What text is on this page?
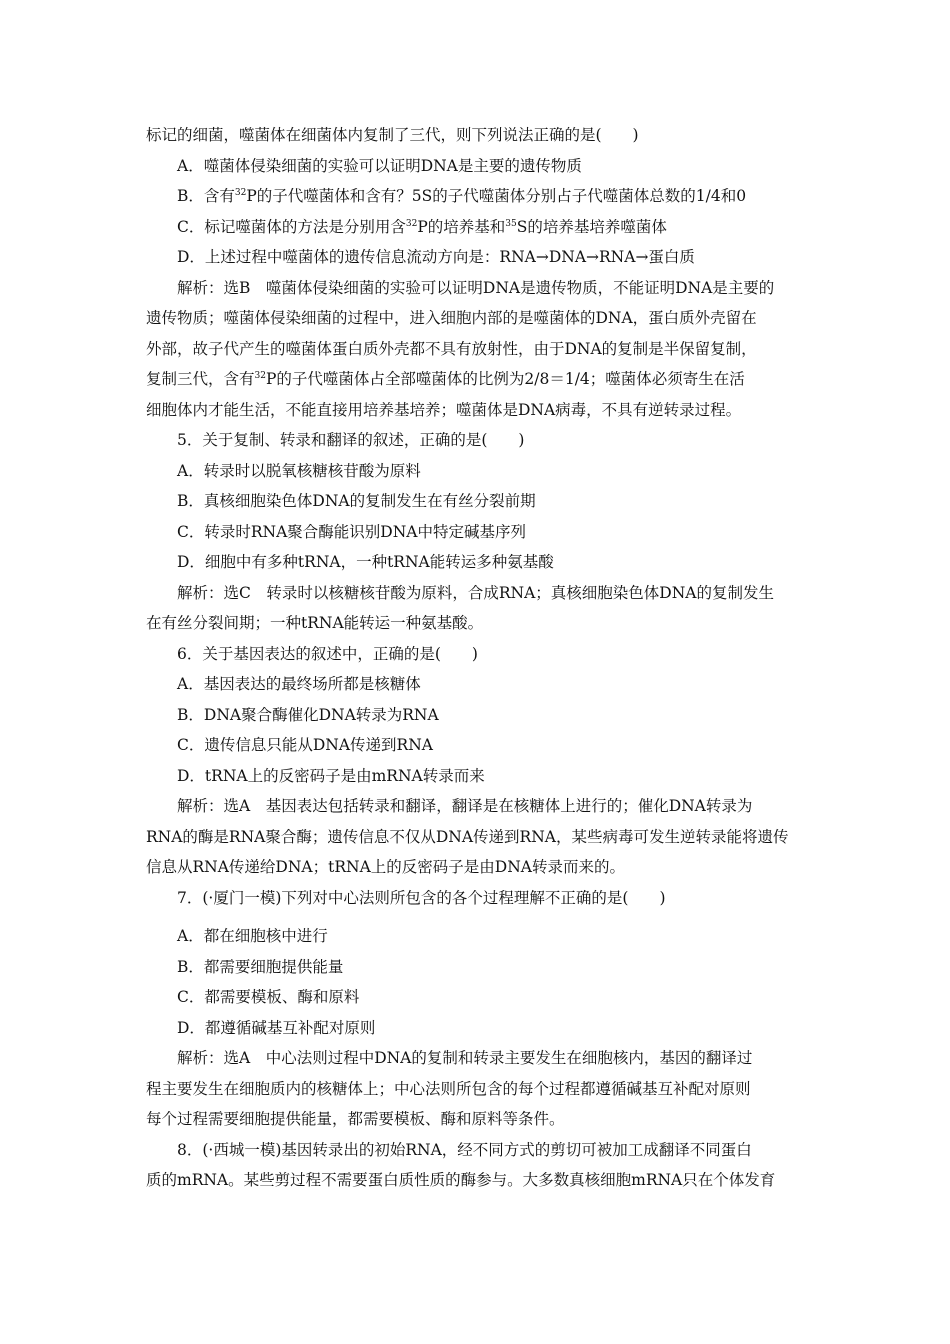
标记的细菌，噬菌体在细菌体内复制了三代，则下列说法正确的是(　　)
A．噬菌体侵染细菌的实验可以证明DNA是主要的遗传物质
B．含有$^{32}$P的子代噬菌体和含有？5S的子代噬菌体分别占子代噬菌体总数的1/4和0
C．标记噬菌体的方法是分别用含$^{32}$P的培养基和$^{35}$S的培养基培养噬菌体
D．上述过程中噬菌体的遗传信息流动方向是：RNA→DNA→RNA→蛋白质
解析：选B　噬菌体侵染细菌的实验可以证明DNA是遗传物质，不能证明DNA是主要的
遗传物质；噬菌体侵染细菌的过程中，进入细胞内部的是噬菌体的DNA，蛋白质外壳留在
外部，故子代产生的噬菌体蛋白质外壳都不具有放射性，由于DNA的复制是半保留复制，
复制三代，含有$^{32}$P的子代噬菌体占全部噬菌体的比例为2/8＝1/4；噬菌体必须寄生在活
细胞体内才能生活，不能直接用培养基培养；噬菌体是DNA病毒，不具有逆转录过程。
5．关于复制、转录和翻译的叙述，正确的是(　　)
A．转录时以脱氧核糖核苷酸为原料
B．真核细胞染色体DNA的复制发生在有丝分裂前期
C．转录时RNA聚合酶能识别DNA中特定碱基序列
D．细胞中有多种tRNA，一种tRNA能转运多种氨基酸
解析：选C　转录时以核糖核苷酸为原料，合成RNA；真核细胞染色体DNA的复制发生
在有丝分裂间期；一种tRNA能转运一种氨基酸。
6．关于基因表达的叙述中，正确的是(　　)
A．基因表达的最终场所都是核糖体
B．DNA聚合酶催化DNA转录为RNA
C．遗传信息只能从DNA传递到RNA
D．tRNA上的反密码子是由mRNA转录而来
解析：选A　基因表达包括转录和翻译，翻译是在核糖体上进行的；催化DNA转录为
RNA的酶是RNA聚合酶；遗传信息不仅从DNA传递到RNA，某些病毒可发生逆转录能将遗传
信息从RNA传递给DNA；tRNA上的反密码子是由DNA转录而来的。
7．(·厦门一模)下列对中心法则所包含的各个过程理解不正确的是(　　)
A．都在细胞核中进行
B．都需要细胞提供能量
C．都需要模板、酶和原料
D．都遵循碱基互补配对原则
解析：选A　中心法则过程中DNA的复制和转录主要发生在细胞核内，基因的翻译过
程主要发生在细胞质内的核糖体上；中心法则所包含的每个过程都遵循碱基互补配对原则
每个过程需要细胞提供能量，都需要模板、酶和原料等条件。
8．(·西城一模)基因转录出的初始RNA，经不同方式的剪切可被加工成翻译不同蛋白
质的mRNA。某些剪过程不需要蛋白质性质的酶参与。大多数真核细胞mRNA只在个体发育
